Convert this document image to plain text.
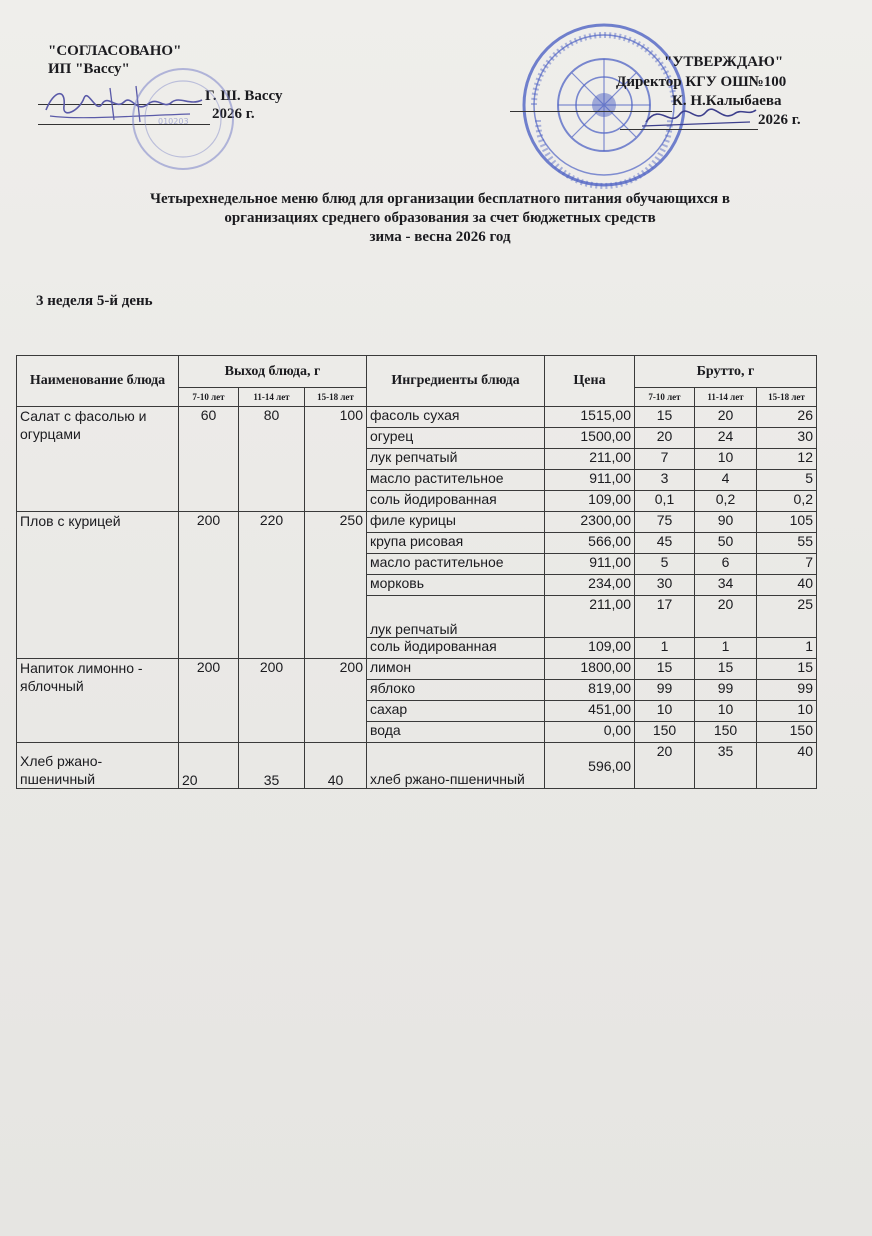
"СОГЛАСОВАНО"
ИП "Вассу"
Г. Ш. Вассу
2026 г.
010203
"УТВЕРЖДАЮ"
Директор КГУ ОШ№100
К. Н.Калыбаева
2026 г.
Четырехнедельное меню блюд для организации бесплатного питания обучающихся в
организациях среднего образования за счет бюджетных средств
зима - весна 2026 год
3 неделя 5-й день
Наименование блюда	Выход блюда, г			Ингредиенты блюда	Цена	Брутто, г		
	7-10 лет	11-14 лет	15-18 лет			7-10 лет	11-14 лет	15-18 лет
Салат с фасолью и огурцами	60	80	100	фасоль сухая	1515,00	15	20	26
				огурец	1500,00	20	24	30
				лук репчатый	211,00	7	10	12
				масло растительное	911,00	3	4	5
				соль йодированная	109,00	0,1	0,2	0,2
Плов с курицей	200	220	250	филе курицы	2300,00	75	90	105
				крупа рисовая	566,00	45	50	55
				масло растительное	911,00	5	6	7
				морковь	234,00	30	34	40
				лук репчатый	211,00	17	20	25
				соль йодированная	109,00	1	1	1
Напиток лимонно - яблочный	200	200	200	лимон	1800,00	15	15	15
				яблоко	819,00	99	99	99
				сахар	451,00	10	10	10
				вода	0,00	150	150	150
Хлеб ржано-пшеничный	20	35	40	хлеб ржано-пшеничный	596,00	20	35	40
